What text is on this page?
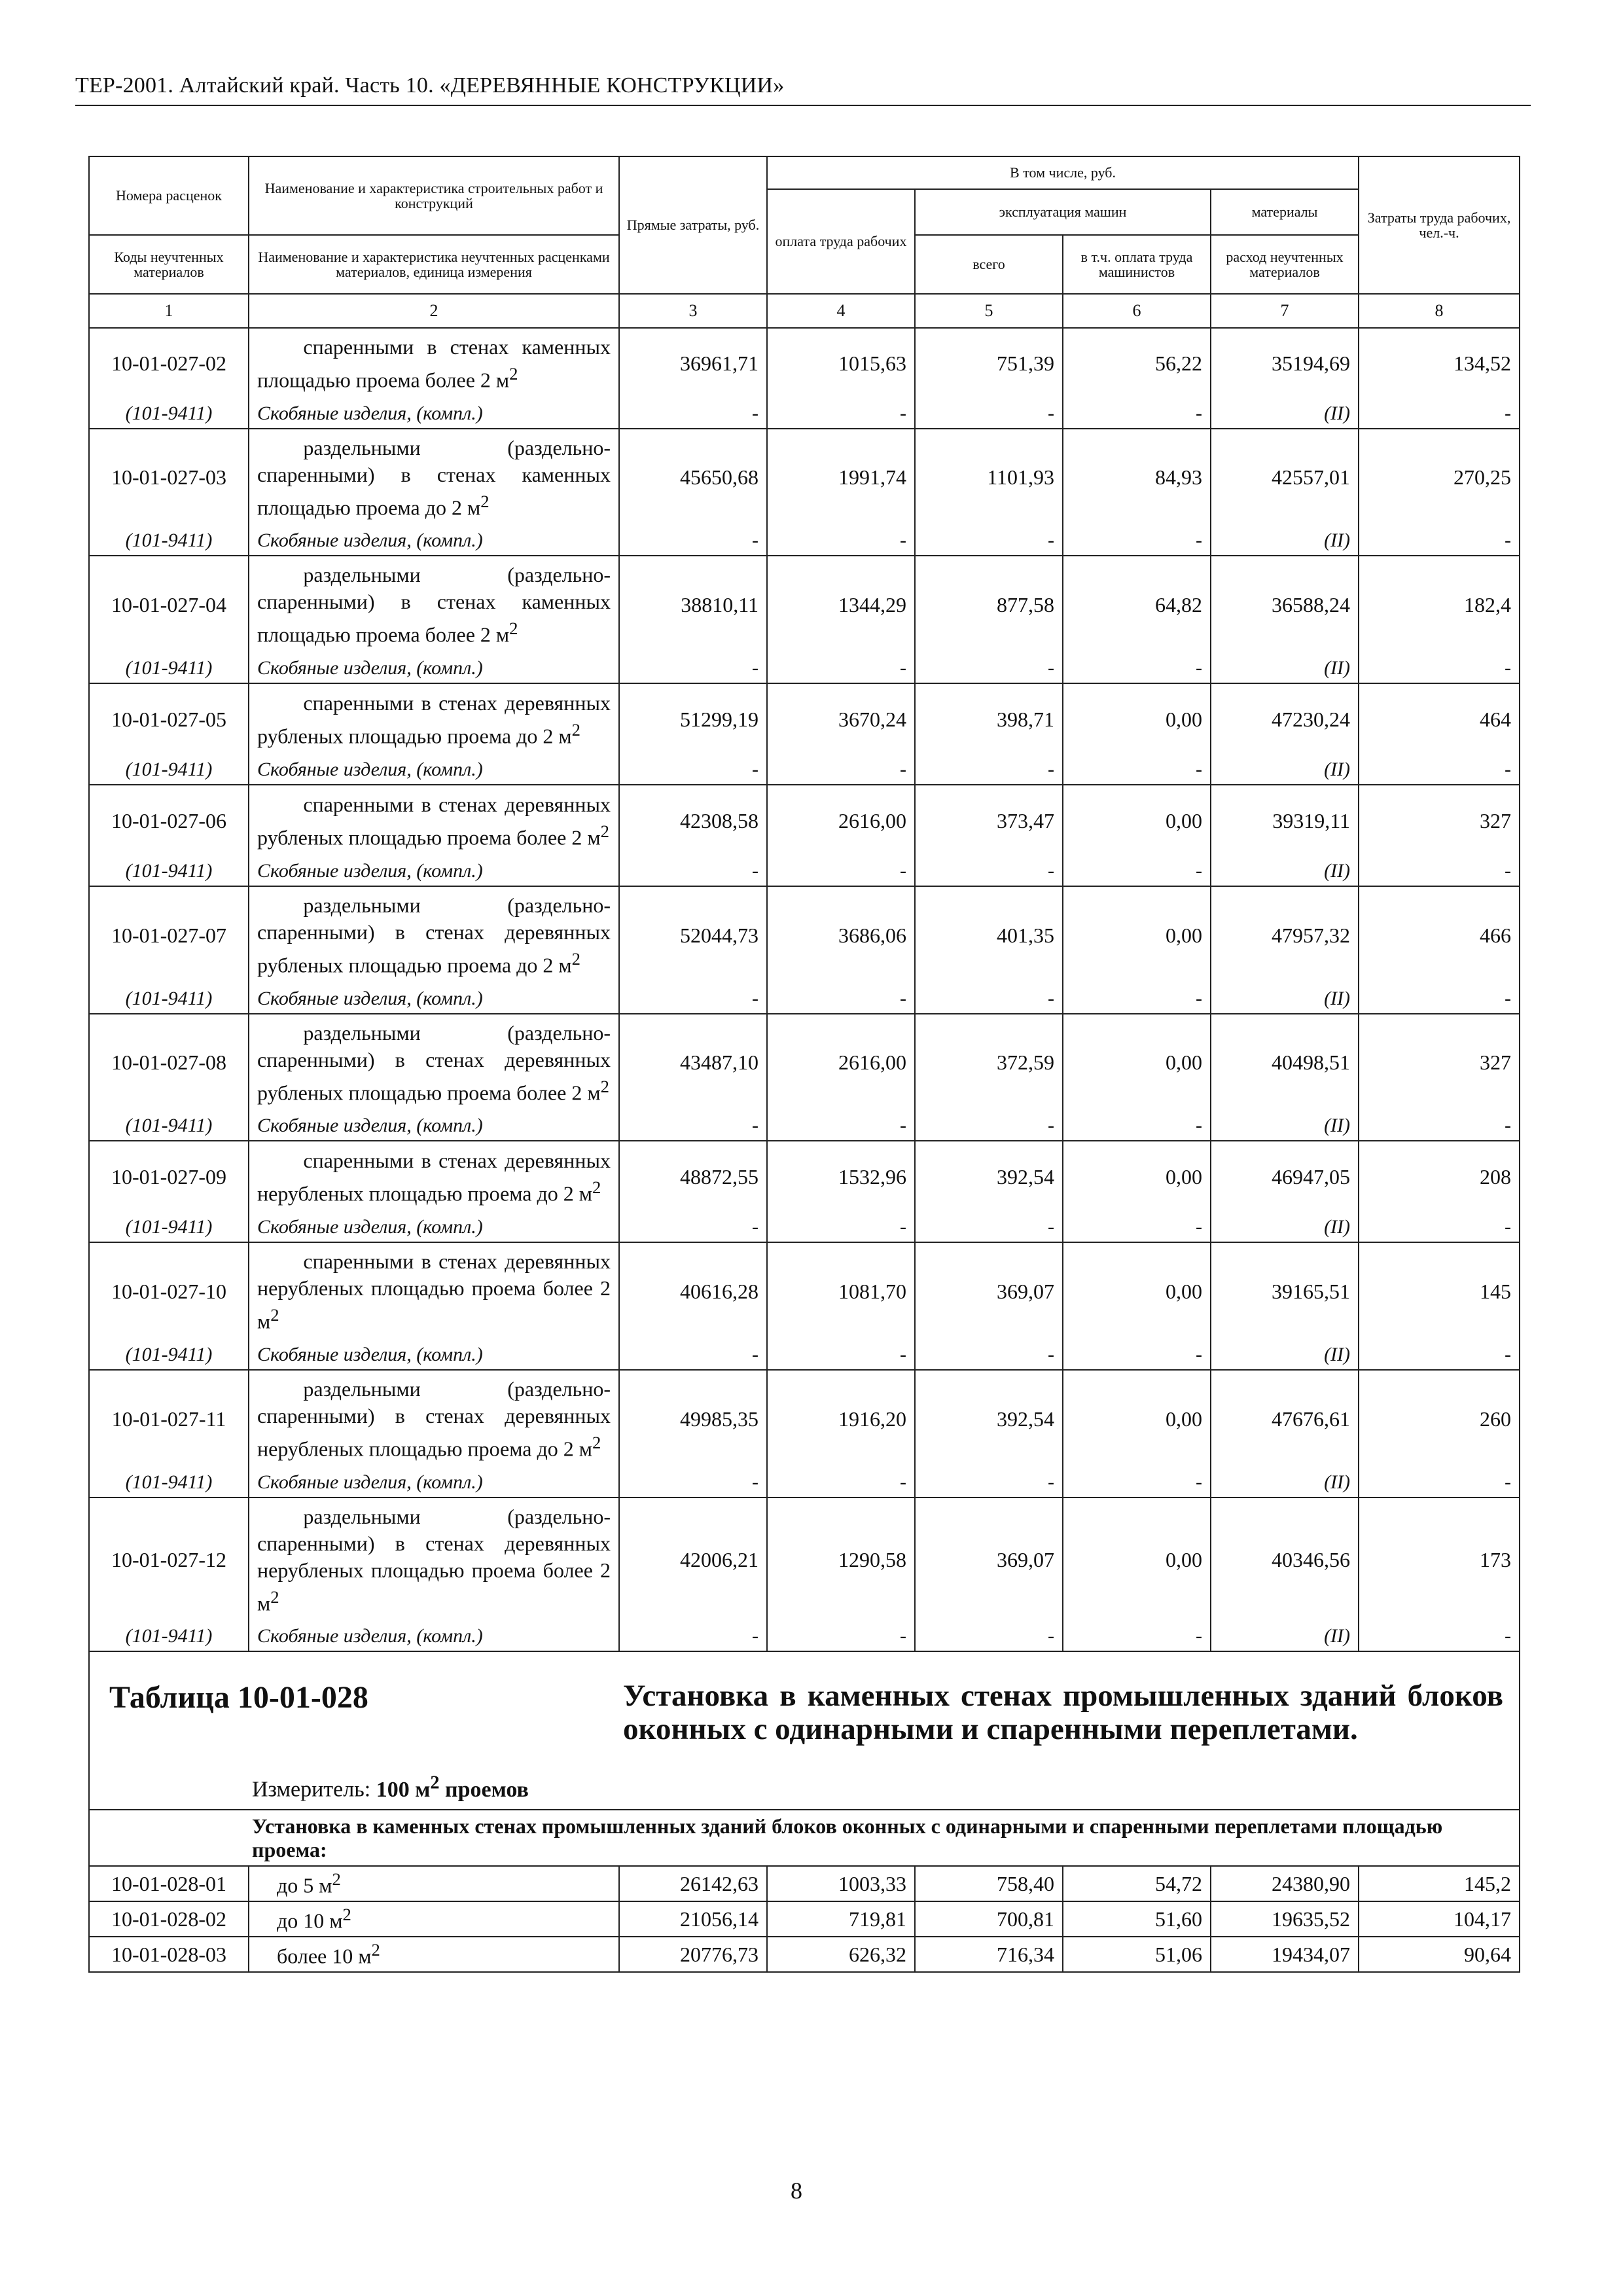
ТЕР-2001. Алтайский край. Часть 10. «ДЕРЕВЯННЫЕ КОНСТРУКЦИИ»
Номера расценок	Наименование и характеристика строительных работ и конструкций	Прямые затраты, руб.	В том числе, руб.				Затраты труда рабочих, чел.-ч.
			оплата труда рабочих	эксплуатация машин		материалы	
Коды неучтенных материалов	Наименование и характеристика неучтенных расценками материалов, единица измерения			всего	в т.ч. оплата труда машинистов	расход неучтенных материалов	

1	2	3	4	5	6	7	8
10-01-027-02	спаренными в стенах каменных площадью проема более 2 $м^2$	36961,71	1015,63	751,39	56,22	35194,69	134,52
(101-9411)	Скобяные изделия, (компл.)	-	-	-	-	(II)	-
10-01-027-03	раздельными (раздельно-спаренными) в стенах каменных площадью проема до 2 $м^2$	45650,68	1991,74	1101,93	84,93	42557,01	270,25
(101-9411)	Скобяные изделия, (компл.)	-	-	-	-	(II)	-
10-01-027-04	раздельными (раздельно-спаренными) в стенах каменных площадью проема более 2 $м^2$	38810,11	1344,29	877,58	64,82	36588,24	182,4
(101-9411)	Скобяные изделия, (компл.)	-	-	-	-	(II)	-
10-01-027-05	спаренными в стенах деревянных рубленых площадью проема до 2 $м^2$	51299,19	3670,24	398,71	0,00	47230,24	464
(101-9411)	Скобяные изделия, (компл.)	-	-	-	-	(II)	-
10-01-027-06	спаренными в стенах деревянных рубленых площадью проема более 2 $м^2$	42308,58	2616,00	373,47	0,00	39319,11	327
(101-9411)	Скобяные изделия, (компл.)	-	-	-	-	(II)	-
10-01-027-07	раздельными (раздельно-спаренными) в стенах деревянных рубленых площадью проема до 2 $м^2$	52044,73	3686,06	401,35	0,00	47957,32	466
(101-9411)	Скобяные изделия, (компл.)	-	-	-	-	(II)	-
10-01-027-08	раздельными (раздельно-спаренными) в стенах деревянных рубленых площадью проема более 2 $м^2$	43487,10	2616,00	372,59	0,00	40498,51	327
(101-9411)	Скобяные изделия, (компл.)	-	-	-	-	(II)	-
10-01-027-09	спаренными в стенах деревянных нерубленых площадью проема до 2 $м^2$	48872,55	1532,96	392,54	0,00	46947,05	208
(101-9411)	Скобяные изделия, (компл.)	-	-	-	-	(II)	-
10-01-027-10	спаренными в стенах деревянных нерубленых площадью проема более 2 $м^2$	40616,28	1081,70	369,07	0,00	39165,51	145
(101-9411)	Скобяные изделия, (компл.)	-	-	-	-	(II)	-
10-01-027-11	раздельными (раздельно-спаренными) в стенах деревянных нерубленых площадью проема до 2 $м^2$	49985,35	1916,20	392,54	0,00	47676,61	260
(101-9411)	Скобяные изделия, (компл.)	-	-	-	-	(II)	-
10-01-027-12	раздельными (раздельно-спаренными) в стенах деревянных нерубленых площадью проема более 2 $м^2$	42006,21	1290,58	369,07	0,00	40346,56	173
(101-9411)	Скобяные изделия, (компл.)	-	-	-	-	(II)	-

Таблица 10-01-028 Установка в каменных стенах промышленных зданий блоков оконных с одинарными и спаренными переплетами.
Измеритель: 100 $м^2$ проемов							

Установка в каменных стенах промышленных зданий блоков оконных с одинарными и спаренными переплетами площадью проема:							
10-01-028-01	до 5 $м^2$	26142,63	1003,33	758,40	54,72	24380,90	145,2
10-01-028-02	до 10 $м^2$	21056,14	719,81	700,81	51,60	19635,52	104,17
10-01-028-03	более 10 $м^2$	20776,73	626,32	716,34	51,06	19434,07	90,64
8
